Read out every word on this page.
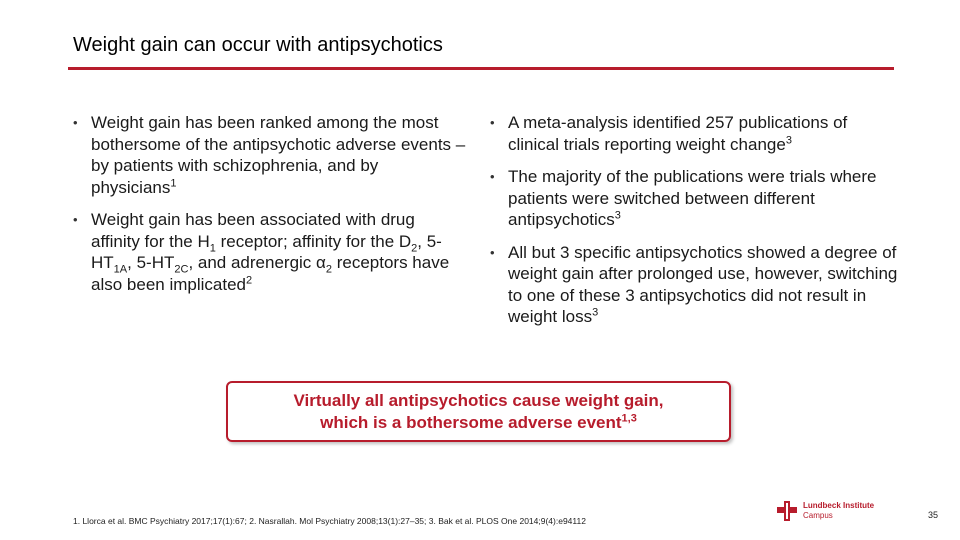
Weight gain can occur with antipsychotics
• Weight gain has been ranked among the most bothersome of the antipsychotic adverse events – by patients with schizophrenia, and by physicians$^1$
• Weight gain has been associated with drug affinity for the $H_1$ receptor; affinity for the $D_2$, $5-HT_{1A}$, $5-HT_{2C}$, and adrenergic $\alpha_2$ receptors have also been implicated$^2$
• A meta-analysis identified 257 publications of clinical trials reporting weight change$^3$
• The majority of the publications were trials where patients were switched between different antipsychotics$^3$
• All but 3 specific antipsychotics showed a degree of weight gain after prolonged use, however, switching to one of these 3 antipsychotics did not result in weight loss$^3$
Virtually all antipsychotics cause weight gain,
which is a bothersome adverse event$^{1,3}$
1. Llorca et al. BMC Psychiatry 2017;17(1):67; 2. Nasrallah. Mol Psychiatry 2008;13(1):27–35; 3. Bak et al. PLOS One 2014;9(4):e94112
Lundbeck Institute
Campus	35
